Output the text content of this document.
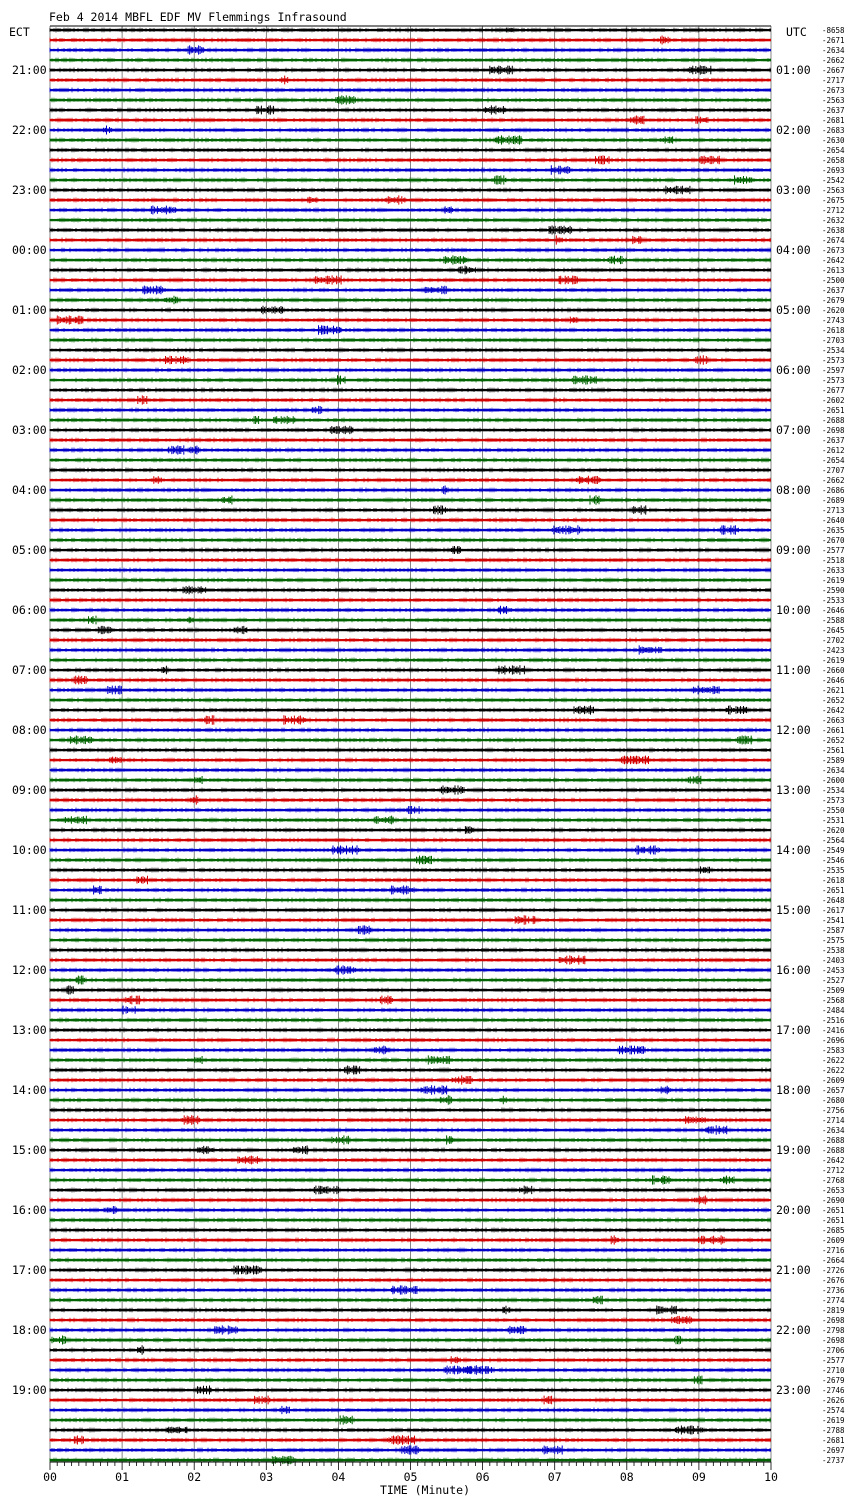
Feb 4 2014 MBFL EDF MV Flemmings Infrasound
ECT	UTC
21:00
22:00
23:00
00:00
01:00
02:00
03:00
04:00
05:00
06:00
07:00
08:00
09:00
10:00
11:00
12:00
13:00
14:00
15:00
16:00
17:00
18:00
19:00
01:00
02:00
03:00
04:00
05:00
06:00
07:00
08:00
09:00
10:00
11:00
12:00
13:00
14:00
15:00
16:00
17:00
18:00
19:00
20:00
21:00
22:00
23:00
-8658
-2671
-2634
-2662
-2667
-2717
-2673
-2563
-2637
-2681
-2683
-2630
-2654
-2658
-2693
-2542
-2563
-2675
-2712
-2632
-2638
-2674
-2673
-2642
-2613
-2500
-2637
-2679
-2620
-2743
-2618
-2703
-2534
-2573
-2597
-2573
-2677
-2602
-2651
-2688
-2698
-2637
-2612
-2654
-2707
-2662
-2686
-2689
-2713
-2640
-2635
-2670
-2577
-2518
-2633
-2619
-2590
-2533
-2646
-2588
-2645
-2702
-2423
-2619
-2660
-2646
-2621
-2652
-2642
-2663
-2661
-2652
-2561
-2589
-2634
-2600
-2534
-2573
-2550
-2531
-2620
-2564
-2549
-2546
-2535
-2618
-2651
-2648
-2617
-2541
-2587
-2575
-2538
-2403
-2453
-2527
-2509
-2568
-2484
-2516
-2416
-2696
-2583
-2622
-2622
-2609
-2657
-2680
-2756
-2714
-2634
-2688
-2688
-2642
-2712
-2768
-2653
-2690
-2651
-2651
-2685
-2609
-2716
-2664
-2726
-2676
-2736
-2774
-2819
-2698
-2798
-2698
-2706
-2577
-2710
-2679
-2746
-2626
-2574
-2619
-2788
-2681
-2697
-2737
00	01	02	03	04	05	06	07	08	09	10
TIME (Minute)
